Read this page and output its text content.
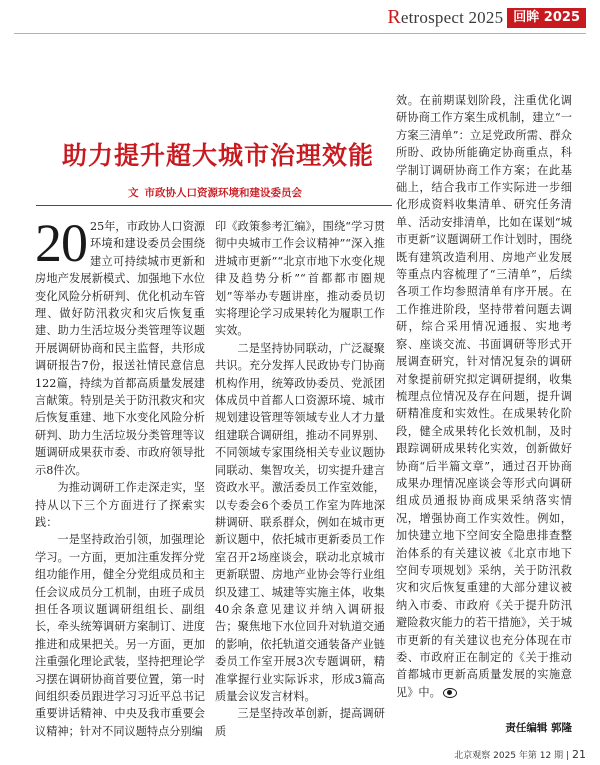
Retrospect 2025 回眸 2025
助力提升超大城市治理效能
文 市政协人口资源环境和建设委员会

20 25年，市政协人口资源环境和建设委员会围绕建立可持续城市更新和房地产发展新模式、加强地下水位变化风险分析研判、优化机动车管理、做好防汛救灾和灾后恢复重建、助力生活垃圾分类管理等议题开展调研协商和民主监督，共形成调研报告7份，报送社情民意信息122篇，持续为首都高质量发展建言献策。特别是关于防汛救灾和灾后恢复重建、地下水变化风险分析研判、助力生活垃圾分类管理等议题调研成果获市委、市政府领导批示8件次。

为推动调研工作走深走实，坚持从以下三个方面进行了探索实践：

一是坚持政治引领，加强理论学习。一方面，更加注重发挥分党组功能作用，健全分党组成员和主任会议成员分工机制，由班子成员担任各项议题调研组组长、副组长，牵头统筹调研方案制订、进度推进和成果把关。另一方面，更加注重强化理论武装，坚持把理论学习摆在调研协商首要位置，第一时间组织委员跟进学习习近平总书记重要讲话精神、中央及我市重要会议精神；针对不同议题特点分别编

印《政策参考汇编》，围绕“学习贯彻中央城市工作会议精神”“深入推进城市更新”“北京市地下水变化规律及趋势分析”“首都都市圈规划”等举办专题讲座，推动委员切实将理论学习成果转化为履职工作实效。

二是坚持协同联动，广泛凝聚共识。充分发挥人民政协专门协商机构作用，统筹政协委员、党派团体成员中首都人口资源环境、城市规划建设管理等领域专业人才力量组建联合调研组，推动不同界别、不同领域专家围绕相关专业议题协同联动、集智攻关，切实提升建言资政水平。激活委员工作室效能，以专委会6个委员工作室为阵地深耕调研、联系群众，例如在城市更新议题中，依托城市更新委员工作室召开2场座谈会，联动北京城市更新联盟、房地产业协会等行业组织及建工、城建等实施主体，收集40余条意见建议并纳入调研报告；聚焦地下水位回升对轨道交通的影响，依托轨道交通装备产业链委员工作室开展3次专题调研，精准掌握行业实际诉求，形成3篇高质量会议发言材料。

三是坚持改革创新，提高调研质

效。在前期谋划阶段，注重优化调研协商工作方案生成机制，建立“一方案三清单”：立足党政所需、群众所盼、政协所能确定协商重点，科学制订调研协商工作方案；在此基础上，结合我市工作实际进一步细化形成资料收集清单、研究任务清单、活动安排清单，比如在谋划“城市更新”议题调研工作计划时，围绕既有建筑改造利用、房地产业发展等重点内容梳理了“三清单”，后续各项工作均参照清单有序开展。在工作推进阶段，坚持带着问题去调研，综合采用情况通报、实地考察、座谈交流、书面调研等形式开展调查研究，针对情况复杂的调研对象提前研究拟定调研提纲，收集梳理点位情况及存在问题，提升调研精准度和实效性。在成果转化阶段，健全成果转化长效机制，及时跟踪调研成果转化实效，创新做好协商“后半篇文章”，通过召开协商成果办理情况座谈会等形式向调研组成员通报协商成果采纳落实情况，增强协商工作实效性。例如，加快建立地下空间安全隐患排查整治体系的有关建议被《北京市地下空间专项规划》采纳，关于防汛救灾和灾后恢复重建的大部分建议被纳入市委、市政府《关于提升防汛避险救灾能力的若干措施》，关于城市更新的有关建议也充分体现在市委、市政府正在制定的《关于推动首都城市更新高质量发展的实施意见》中。

责任编辑 郭隆
北京观察 2025 年第 12 期 | 21
